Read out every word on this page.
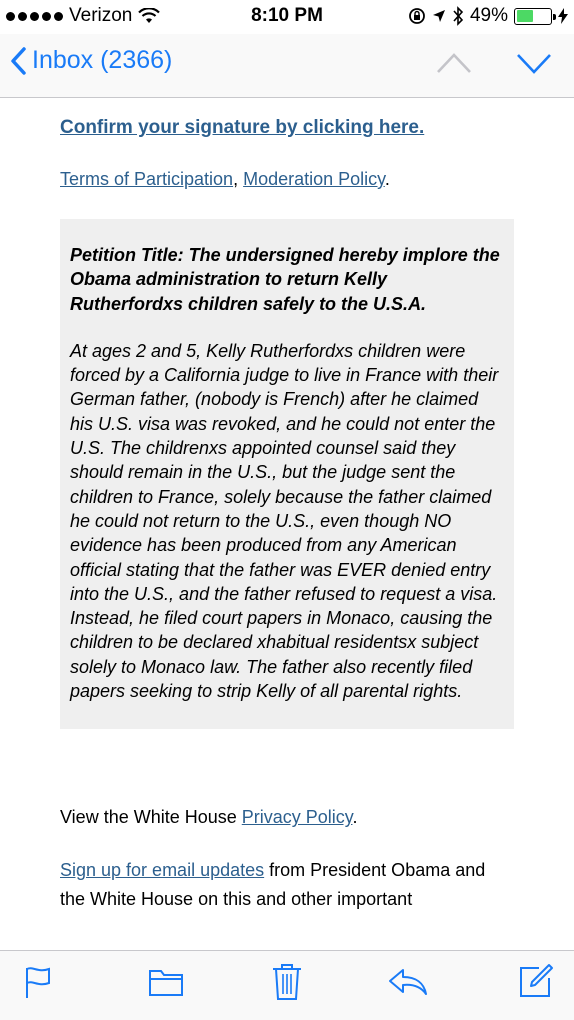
Verizon	8:10 PM	49%
Inbox (2366)
Confirm your signature by clicking here.
Terms of Participation, Moderation Policy.
Petition Title: The undersigned hereby implore the Obama administration to return Kelly Rutherfordxs children safely to the U.S.A.
At ages 2 and 5, Kelly Rutherfordxs children were forced by a California judge to live in France with their German father, (nobody is French) after he claimed his U.S. visa was revoked, and he could not enter the U.S. The childrenxs appointed counsel said they should remain in the U.S., but the judge sent the children to France, solely because the father claimed he could not return to the U.S., even though NO evidence has been produced from any American official stating that the father was EVER denied entry into the U.S., and the father refused to request a visa. Instead, he filed court papers in Monaco, causing the children to be declared xhabitual residentsx subject solely to Monaco law. The father also recently filed papers seeking to strip Kelly of all parental rights.
View the White House Privacy Policy.
Sign up for email updates from President Obama and the White House on this and other important
